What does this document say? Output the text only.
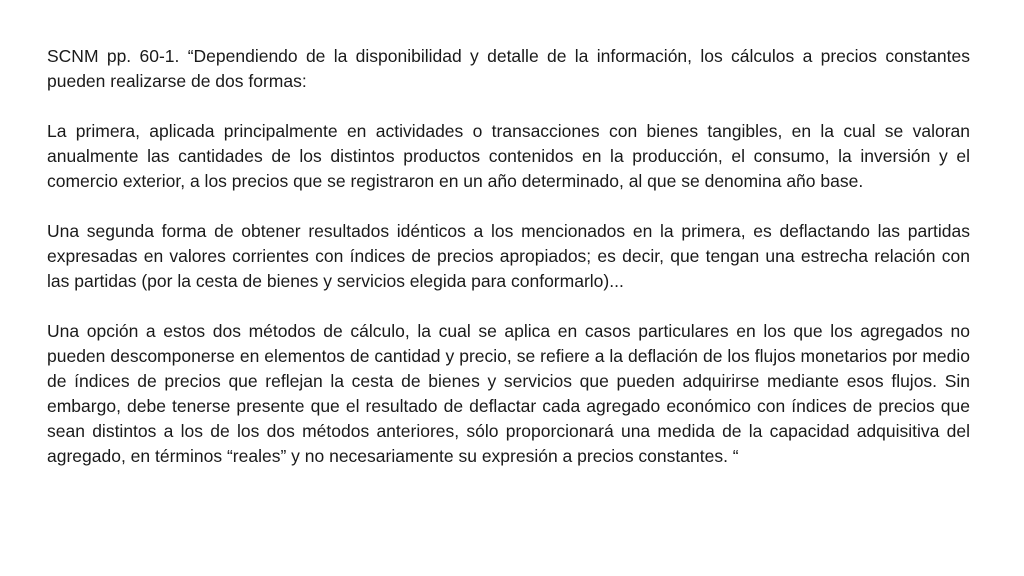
SCNM pp. 60-1. “Dependiendo de la disponibilidad y detalle de la información, los cálculos a precios constantes pueden realizarse de dos formas:

La primera, aplicada principalmente en actividades o transacciones con bienes tangibles, en la cual se valoran anualmente las cantidades de los distintos productos contenidos en la producción, el consumo, la inversión y el comercio exterior, a los precios que se registraron en un año determinado, al que se denomina año base.

Una segunda forma de obtener resultados idénticos a los mencionados en la primera, es deflactando las partidas expresadas en valores corrientes con índices de precios apropiados; es decir, que tengan una estrecha relación con las partidas (por la cesta de bienes y servicios elegida para conformarlo)...

Una opción a estos dos métodos de cálculo, la cual se aplica en casos particulares en los que los agregados no pueden descomponerse en elementos de cantidad y precio, se refiere a la deflación de los flujos monetarios por medio de índices de precios que reflejan la cesta de bienes y servicios que pueden adquirirse mediante esos flujos. Sin embargo, debe tenerse presente que el resultado de deflactar cada agregado económico con índices de precios que sean distintos a los de los dos métodos anteriores, sólo proporcionará una medida de la capacidad adquisitiva del agregado, en términos “reales” y no necesariamente su expresión a precios constantes. “
